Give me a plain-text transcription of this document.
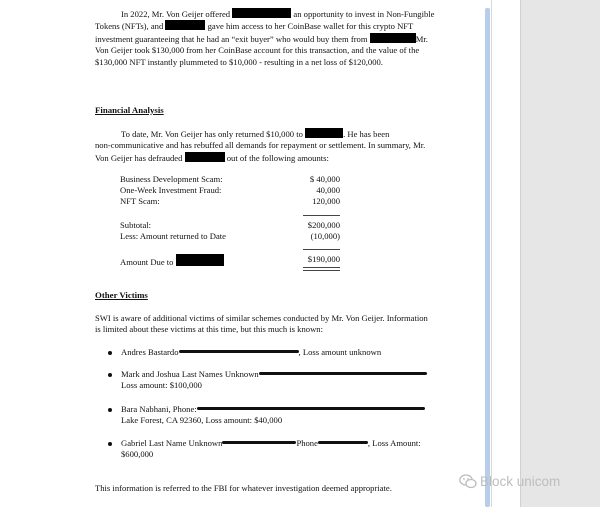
In 2022, Mr. Von Geijer offered	an opportunity to invest in Non-Fungible
Tokens (NFTs), and	gave him access to her CoinBase wallet for this crypto NFT
investment guaranteeing that he had an “exit buyer” who would buy them from	Mr.
Von Geijer took $130,000 from her CoinBase account for this transaction, and the value of the
$130,000 NFT instantly plummeted to $10,000 - resulting in a net loss of $120,000.
Financial Analysis
To date, Mr. Von Geijer has only returned $10,000 to	. He has been
non-communicative and has rebuffed all demands for repayment or settlement. In summary, Mr.
Von Geijer has defrauded	out of the following amounts:
Business Development Scam:	$ 40,000
One-Week Investment Fraud:	40,000
NFT Scam:	120,000
Subtotal:	$200,000
Less: Amount returned to Date	(10,000)
Amount Due to	$190,000
Other Victims
SWI is aware of additional victims of similar schemes conducted by Mr. Von Geijer. Information
is limited about these victims at this time, but this much is known:
Andres Bastardo	, Loss amount unknown
Mark and Joshua Last Names Unknown
Loss amount: $100,000
Bara Nabhani, Phone:
Lake Forest, CA 92360, Loss amount: $40,000
Gabriel Last Name Unknown	Phone	, Loss Amount:
$600,000
This information is referred to the FBI for whatever investigation deemed appropriate.	Block unicom
